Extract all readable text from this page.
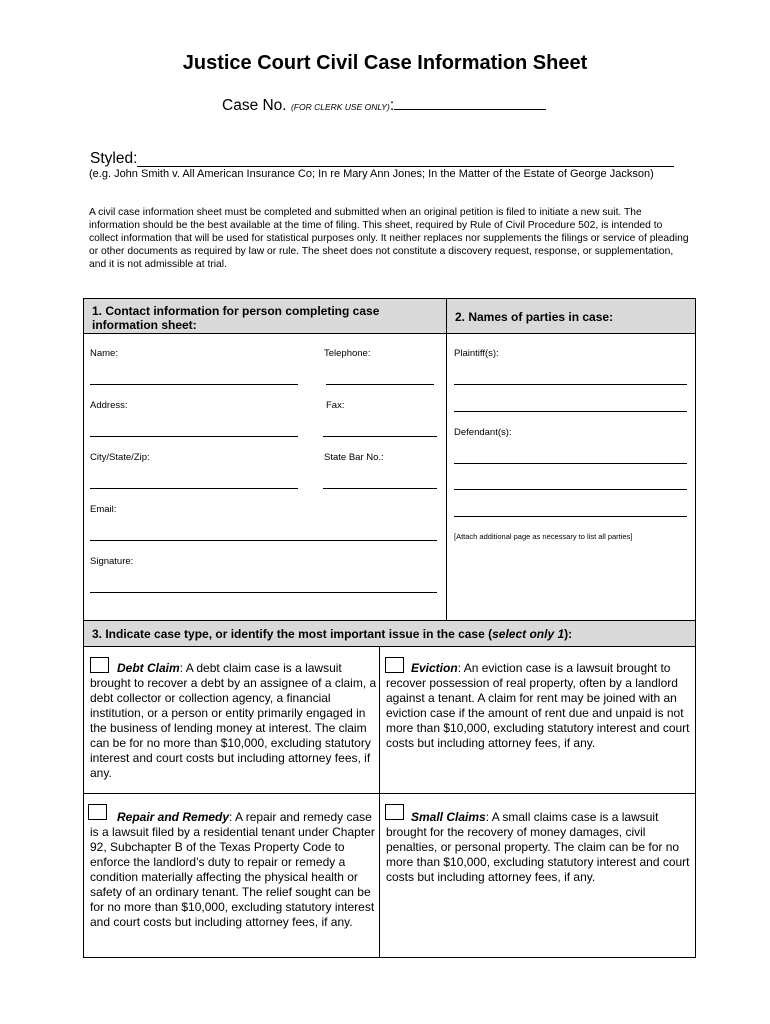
Justice Court Civil Case Information Sheet
Case No. (FOR CLERK USE ONLY):
Styled:
(e.g. John Smith v. All American Insurance Co; In re Mary Ann Jones; In the Matter of the Estate of George Jackson)
A civil case information sheet must be completed and submitted when an original petition is filed to initiate a new suit. The information should be the best available at the time of filing. This sheet, required by Rule of Civil Procedure 502, is intended to collect information that will be used for statistical purposes only. It neither replaces nor supplements the filings or service of pleading or other documents as required by law or rule. The sheet does not constitute a discovery request, response, or supplementation, and it is not admissible at trial.
1. Contact information for person completing case information sheet:
2. Names of parties in case:
Name:	Telephone:
Address:	Fax:
City/State/Zip:	State Bar No.:
Email:
Signature:
Plaintiff(s):
Defendant(s):
[Attach additional page as necessary to list all parties]
3. Indicate case type, or identify the most important issue in the case (select only 1):
Debt Claim: A debt claim case is a lawsuit brought to recover a debt by an assignee of a claim, a debt collector or collection agency, a financial institution, or a person or entity primarily engaged in the business of lending money at interest. The claim can be for no more than $10,000, excluding statutory interest and court costs but including attorney fees, if any.
Eviction: An eviction case is a lawsuit brought to recover possession of real property, often by a landlord against a tenant. A claim for rent may be joined with an eviction case if the amount of rent due and unpaid is not more than $10,000, excluding statutory interest and court costs but including attorney fees, if any.
Repair and Remedy: A repair and remedy case is a lawsuit filed by a residential tenant under Chapter 92, Subchapter B of the Texas Property Code to enforce the landlord’s duty to repair or remedy a condition materially affecting the physical health or safety of an ordinary tenant. The relief sought can be for no more than $10,000, excluding statutory interest and court costs but including attorney fees, if any.
Small Claims: A small claims case is a lawsuit brought for the recovery of money damages, civil penalties, or personal property. The claim can be for no more than $10,000, excluding statutory interest and court costs but including attorney fees, if any.
